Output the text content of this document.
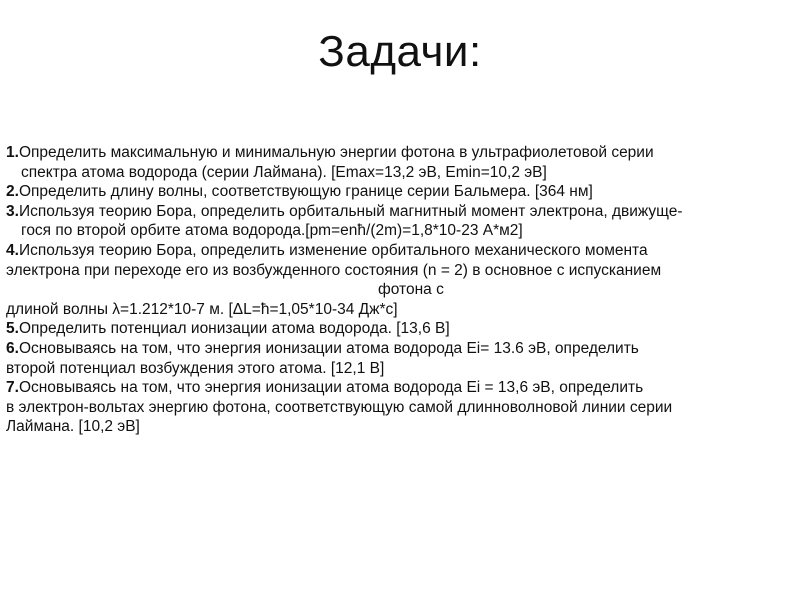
Задачи:
1.Определить максимальную и минимальную энергии фотона в ультрафиолетовой серии
спектра атома водорода (серии Лаймана). [Emax=13,2 эВ, Emin=10,2 эВ]
2.Определить длину волны, соответствующую границе серии Бальмера. [364 нм]
3.Используя теорию Бора, определить орбитальный магнитный момент электрона, движуще-
гося по второй орбите атома водорода.[pm=enħ/(2m)=1,8*10-23 А*м2]
4.Используя теорию Бора, определить изменение орбитального механического момента
электрона при переходе его из возбужденного состояния (n = 2) в основное с испусканием
фотона с
длиной волны λ=1.212*10-7 м. [ΔL=ħ=1,05*10-34 Дж*с]
5.Определить потенциал ионизации атома водорода. [13,6 В]
6.Основываясь на том, что энергия ионизации атома водорода Ei= 13.6 эВ, определить
второй потенциал возбуждения этого атома. [12,1 В]
7.Основываясь на том, что энергия ионизации атома водорода Ei = 13,6 эВ, определить
в электрон-вольтах энергию фотона, соответствующую самой длинноволновой линии серии
Лаймана. [10,2 эВ]
